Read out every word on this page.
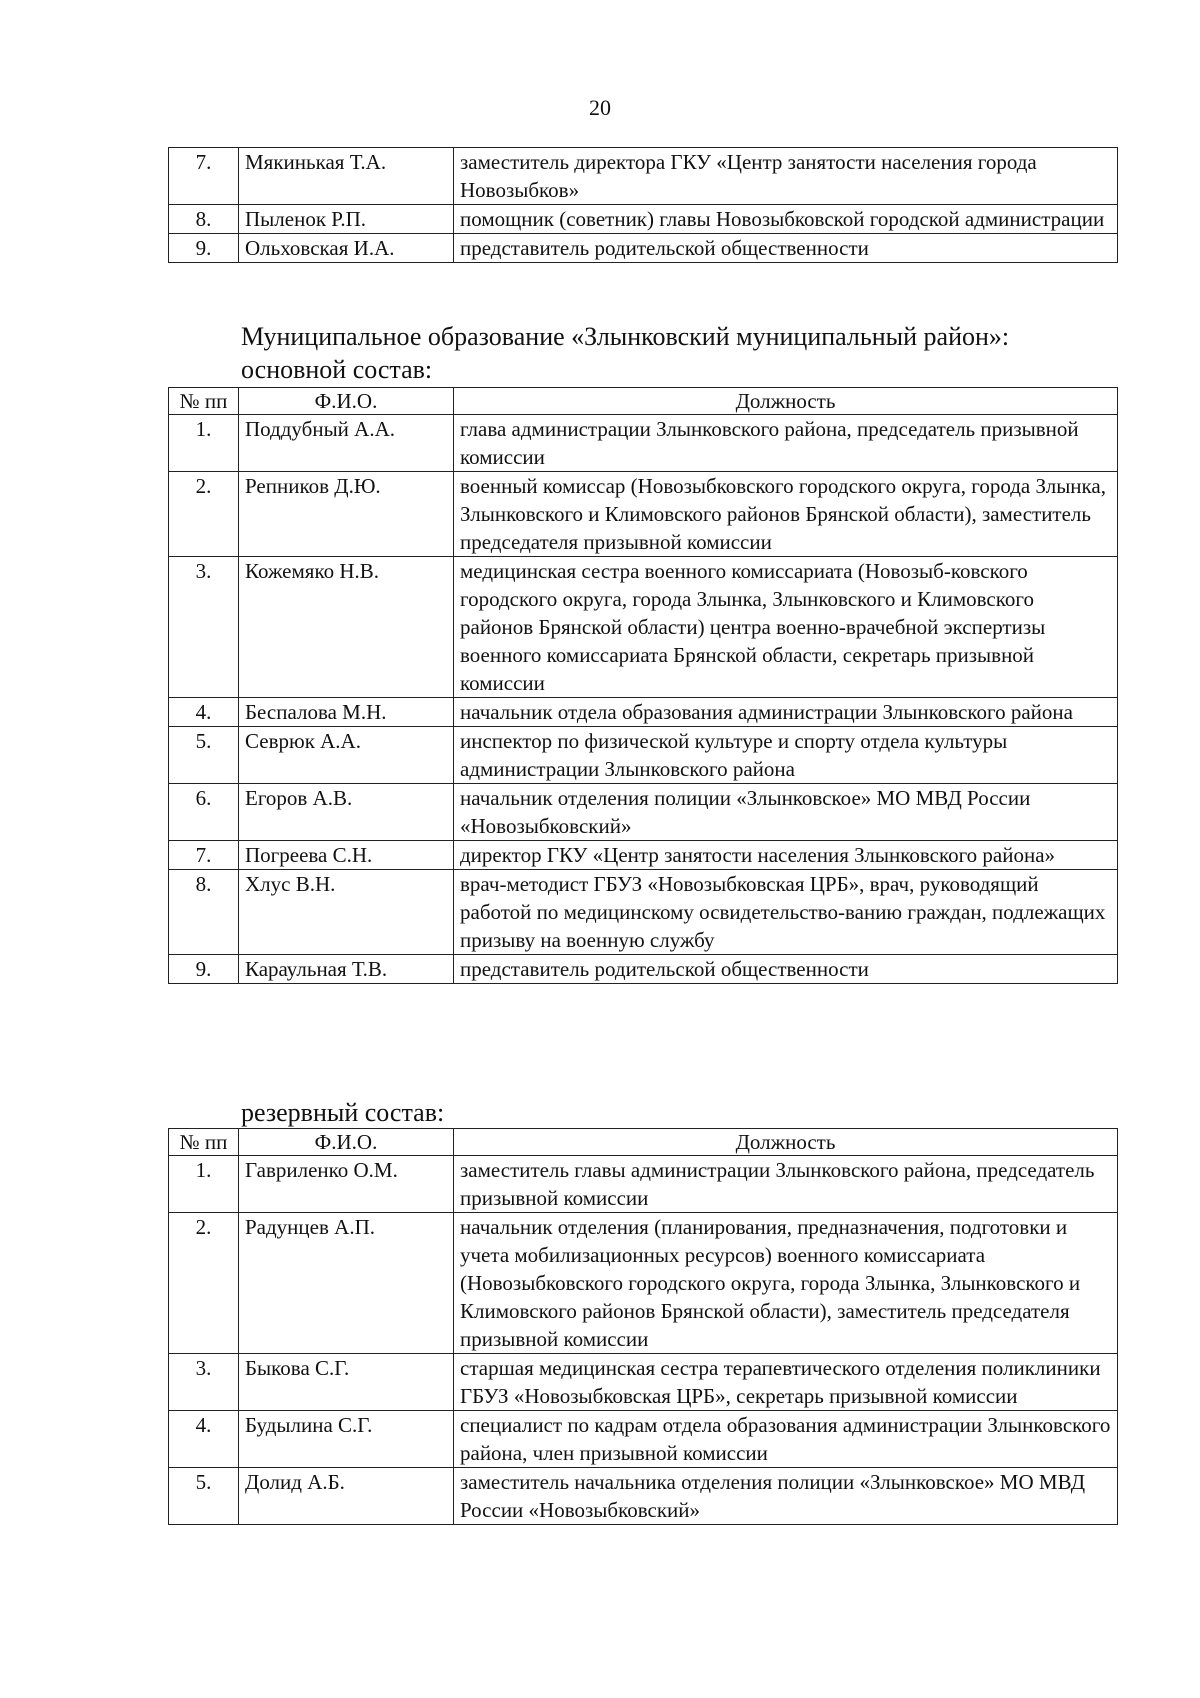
20
7.	Мякинькая Т.А.	заместитель директора ГКУ «Центр занятости населения города Новозыбков»
8.	Пыленок Р.П.	помощник (советник) главы Новозыбковской городской администрации
9.	Ольховская И.А.	представитель родительской общественности
Муниципальное образование «Злынковский муниципальный район»:
основной состав:
№ пп	Ф.И.О.	Должность
1.	Поддубный А.А.	глава администрации Злынковского района, председатель призывной комиссии
2.	Репников Д.Ю.	военный комиссар (Новозыбковского городского округа, города Злынка, Злынковского и Климовского районов Брянской области), заместитель председателя призывной комиссии
3.	Кожемяко Н.В.	медицинская сестра военного комиссариата (Новозыб-ковского городского округа, города Злынка, Злынковского и Климовского районов Брянской области) центра военно-врачебной экспертизы военного комиссариата Брянской области, секретарь призывной комиссии
4.	Беспалова М.Н.	начальник отдела образования администрации Злынковского района
5.	Севрюк А.А.	инспектор по физической культуре и спорту отдела культуры администрации Злынковского района
6.	Егоров А.В.	начальник отделения полиции «Злынковское» МО МВД России «Новозыбковский»
7.	Погреева С.Н.	директор ГКУ «Центр занятости населения Злынковского района»
8.	Хлус В.Н.	врач-методист ГБУЗ «Новозыбковская ЦРБ», врач, руководящий работой по медицинскому освидетельство-ванию граждан, подлежащих призыву на военную службу
9.	Караульная Т.В.	представитель родительской общественности
резервный состав:
№ пп	Ф.И.О.	Должность
1.	Гавриленко О.М.	заместитель главы администрации Злынковского района, председатель призывной комиссии
2.	Радунцев А.П.	начальник отделения (планирования, предназначения, подготовки и учета мобилизационных ресурсов) военного комиссариата (Новозыбковского городского округа, города Злынка, Злынковского и Климовского районов Брянской области), заместитель председателя призывной комиссии
3.	Быкова С.Г.	старшая медицинская сестра терапевтического отделения поликлиники ГБУЗ «Новозыбковская ЦРБ», секретарь призывной комиссии
4.	Будылина С.Г.	специалист по кадрам отдела образования администрации Злынковского района, член призывной комиссии
5.	Долид А.Б.	заместитель начальника отделения полиции «Злынковское» МО МВД России «Новозыбковский»
